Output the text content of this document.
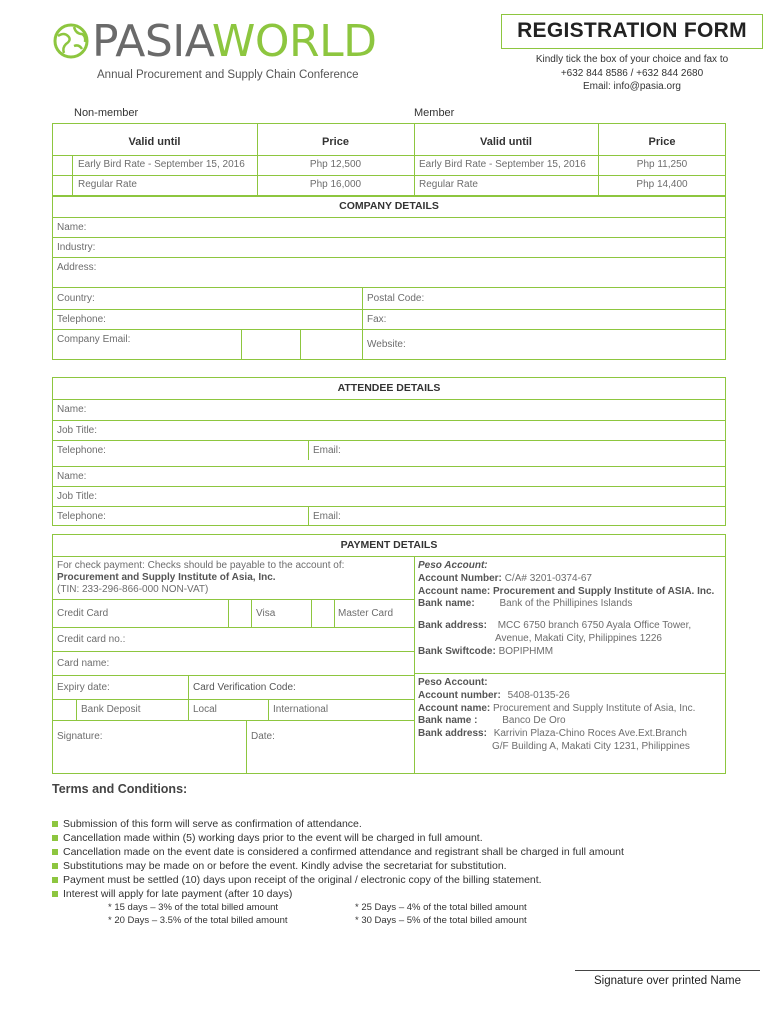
PASIAWORLD
Annual Procurement and Supply Chain Conference
REGISTRATION FORM
Kindly tick the box of your choice and fax to
+632 844 8586 / +632 844 2680
Email: info@pasia.org
Non-member	Member
Valid until	Price	Valid until	Price
Early Bird Rate - September 15, 2016	Php 12,500	Early Bird Rate - September 15, 2016	Php 11,250
Regular Rate	Php 16,000	Regular Rate	Php 14,400
COMPANY DETAILS
Name:
Industry:
Address:
Country:	Postal Code:
Telephone:	Fax:
Company Email:	Website:
ATTENDEE DETAILS
Name:
Job Title:
Telephone:	Email:
Name:
Job Title:
Telephone:	Email:
PAYMENT DETAILS
For check payment: Checks should be payable to the account of:
Procurement and Supply Institute of Asia, Inc.
(TIN: 233-296-866-000 NON-VAT)
Credit Card	Visa	Master Card
Credit card no.:
Card name:
Expiry date:	Card Verification Code:
Bank Deposit	Local	International
Signature:	Date:
Peso Account:
Account Number: C/A# 3201-0374-67
Account name: Procurement and Supply Institute of ASIA. Inc.
Bank name: Bank of the Phillipines Islands
Bank address: MCC 6750 branch 6750 Ayala Office Tower,
Avenue, Makati City, Philippines 1226
Bank Swiftcode: BOPIPHMM
Peso Account:
Account number: 5408-0135-26
Account name: Procurement and Supply Institute of Asia, Inc.
Bank name : Banco De Oro
Bank address: Karrivin Plaza-Chino Roces Ave.Ext.Branch
G/F Building A, Makati City 1231, Philippines
Terms and Conditions:
Submission of this form will serve as confirmation of attendance.
Cancellation made within (5) working days prior to the event will be charged in full amount.
Cancellation made on the event date is considered a confirmed attendance and registrant shall be charged in full amount
Substitutions may be made on or before the event. Kindly advise the secretariat for substitution.
Payment must be settled (10) days upon receipt of the original / electronic copy of the billing statement.
Interest will apply for late payment (after 10 days)
* 15 days – 3% of the total billed amount
* 20 Days – 3.5% of the total billed amount
* 25 Days – 4% of the total billed amount
* 30 Days – 5% of the total billed amount
Signature over printed Name
